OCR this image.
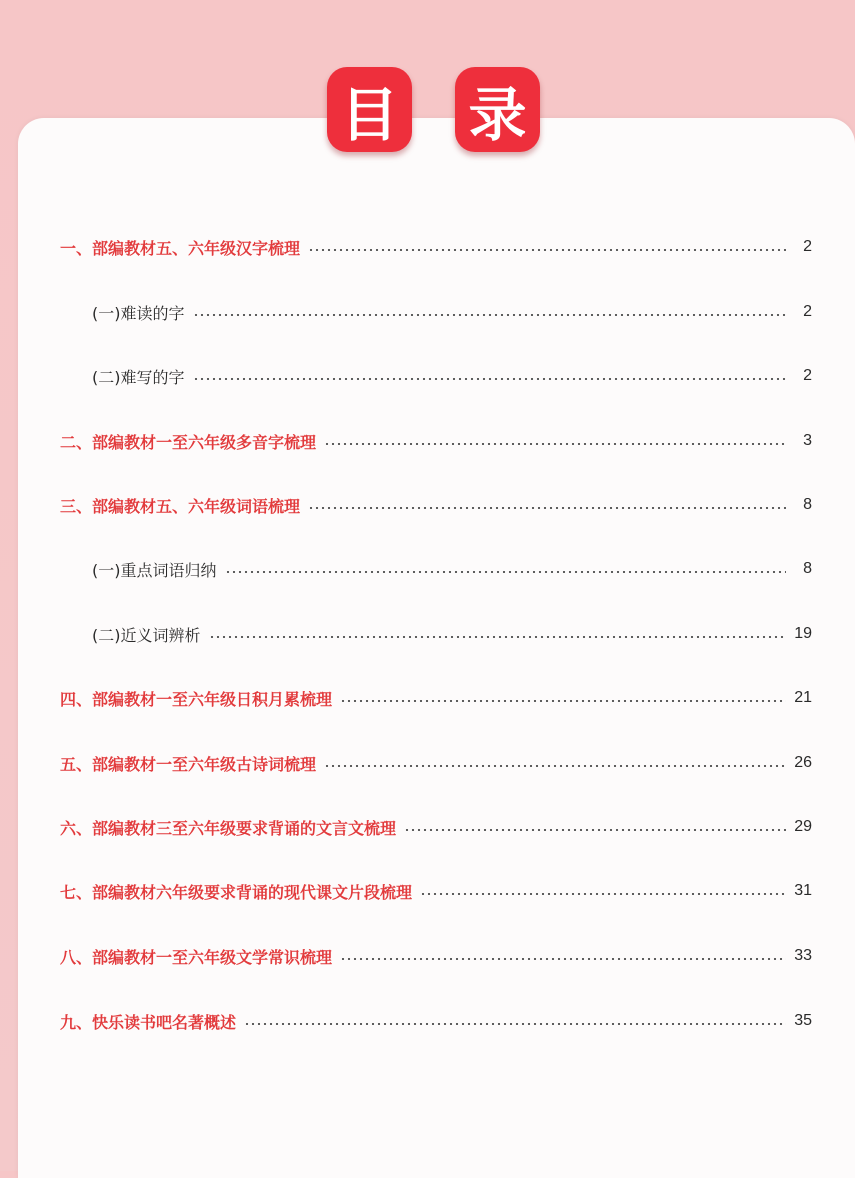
目 录
一、部编教材五、六年级汉字梳理	2
(一)难读的字	2
(二)难写的字	2
二、部编教材一至六年级多音字梳理	3
三、部编教材五、六年级词语梳理	8
(一)重点词语归纳	8
(二)近义词辨析	19
四、部编教材一至六年级日积月累梳理	21
五、部编教材一至六年级古诗词梳理	26
六、部编教材三至六年级要求背诵的文言文梳理	29
七、部编教材六年级要求背诵的现代课文片段梳理	31
八、部编教材一至六年级文学常识梳理	33
九、快乐读书吧名著概述	35
